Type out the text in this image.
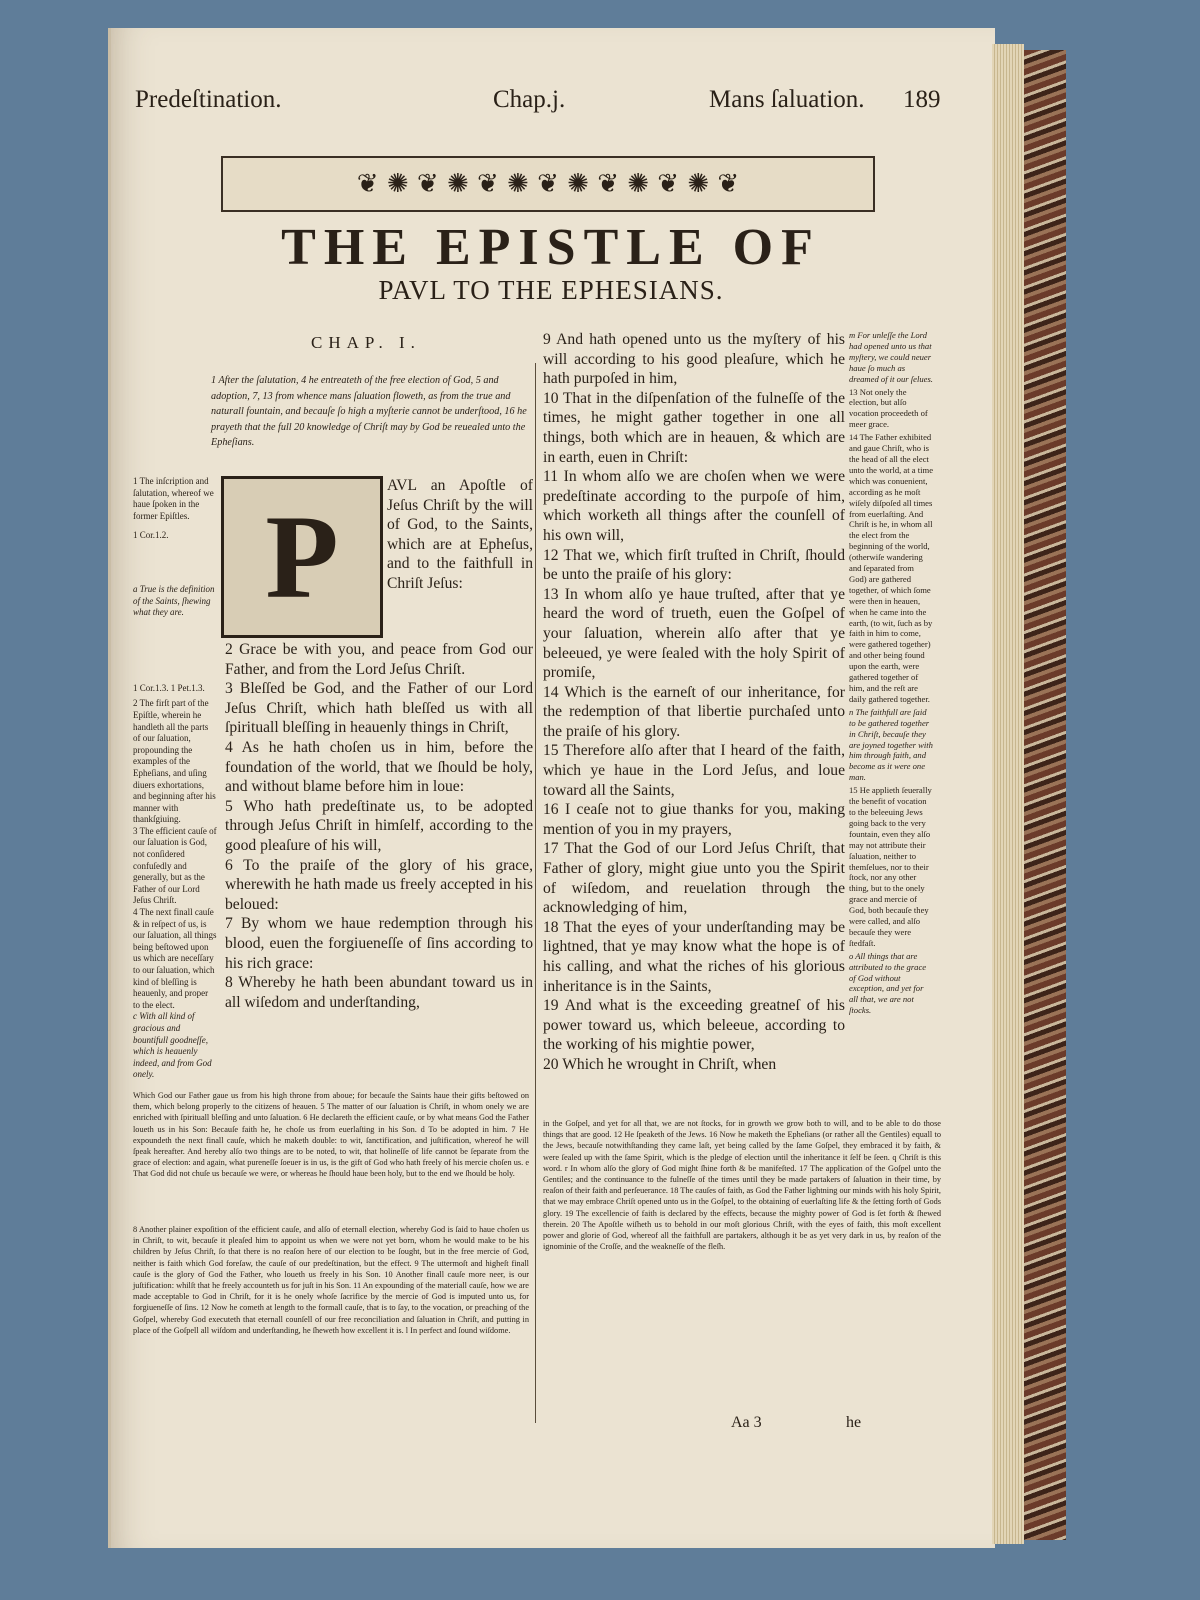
Predeſtination.	Chap.j.	Mans ſaluation. 189
❦ ✺ ❦ ✺ ❦ ✺ ❦ ✺ ❦ ✺ ❦ ✺ ❦
THE EPISTLE OF
PAVL TO THE EPHESIANS.
CHAP. I.
1 After the ſalutation, 4 he entreateth of the free election of God, 5 and adoption, 7, 13 from whence mans ſaluation floweth, as from the true and naturall fountain, and becauſe ſo high a myſterie cannot be underſtood, 16 he prayeth that the full 20 knowledge of Chriſt may by God be reuealed unto the Epheſians.
P
AVL an Apoſtle of Jeſus Chriſt by the will of God, to the Saints, which are at Epheſus, and to the faithfull in Chriſt Jeſus:

2 Grace be with you, and peace from God our Father, and from the Lord Jeſus Chriſt.

3 Bleſſed be God, and the Father of our Lord Jeſus Chriſt, which hath bleſſed us with all ſpirituall bleſſing in heauenly things in Chriſt,

4 As he hath choſen us in him, before the foundation of the world, that we ſhould be holy, and without blame before him in loue:

5 Who hath predeſtinate us, to be adopted through Jeſus Chriſt in himſelf, according to the good pleaſure of his will,

6 To the praiſe of the glory of his grace, wherewith he hath made us freely accepted in his beloued:

7 By whom we haue redemption through his blood, euen the forgiueneſſe of ſins according to his rich grace:

8 Whereby he hath been abundant toward us in all wiſedom and underſtanding,

1 The inſcription and ſalutation, whereof we haue ſpoken in the former Epiſtles.

1 Cor.1.2.

a True is the definition of the Saints, ſhewing what they are.

1 Cor.1.3. 1 Pet.1.3.

2 The firſt part of the Epiſtle, wherein he handleth all the parts of our ſaluation, propounding the examples of the Epheſians, and uſing diuers exhortations, and beginning after his manner with thankſgiuing.

3 The efficient cauſe of our ſaluation is God, not conſidered confuſedly and generally, but as the Father of our Lord Jeſus Chriſt.

4 The next finall cauſe & in reſpect of us, is our ſaluation, all things being beſtowed upon us which are neceſſary to our ſaluation, which kind of bleſſing is heauenly, and proper to the elect.

c With all kind of gracious and bountifull goodneſſe, which is heauenly indeed, and from God onely.

9 And hath opened unto us the myſtery of his will according to his good pleaſure, which he hath purpoſed in him,

10 That in the diſpenſation of the fulneſſe of the times, he might gather together in one all things, both which are in heauen, & which are in earth, euen in Chriſt:

11 In whom alſo we are choſen when we were predeſtinate according to the purpoſe of him, which worketh all things after the counſell of his own will,

12 That we, which firſt truſted in Chriſt, ſhould be unto the praiſe of his glory:

13 In whom alſo ye haue truſted, after that ye heard the word of trueth, euen the Goſpel of your ſaluation, wherein alſo after that ye beleeued, ye were ſealed with the holy Spirit of promiſe,

14 Which is the earneſt of our inheritance, for the redemption of that libertie purchaſed unto the praiſe of his glory.

15 Therefore alſo after that I heard of the faith, which ye haue in the Lord Jeſus, and loue toward all the Saints,

16 I ceaſe not to giue thanks for you, making mention of you in my prayers,

17 That the God of our Lord Jeſus Chriſt, that Father of glory, might giue unto you the Spirit of wiſedom, and reuelation through the acknowledging of him,

18 That the eyes of your underſtanding may be lightned, that ye may know what the hope is of his calling, and what the riches of his glorious inheritance is in the Saints,

19 And what is the exceeding greatneſ of his power toward us, which beleeue, according to the working of his mightie power,

20 Which he wrought in Chriſt, when

m For unleſſe the Lord had opened unto us that myſtery, we could neuer haue ſo much as dreamed of it our ſelues.

13 Not onely the election, but alſo vocation proceedeth of meer grace.

14 The Father exhibited and gaue Chriſt, who is the head of all the elect unto the world, at a time which was conuenient, according as he moſt wiſely diſpoſed all times from euerlaſting. And Chriſt is he, in whom all the elect from the beginning of the world, (otherwiſe wandering and ſeparated from God) are gathered together, of which ſome were then in heauen, when he came into the earth, (to wit, ſuch as by faith in him to come, were gathered together) and other being found upon the earth, were gathered together of him, and the reſt are daily gathered together.

n The faithfull are ſaid to be gathered together in Chriſt, becauſe they are joyned together with him through faith, and become as it were one man.

15 He applieth ſeuerally the benefit of vocation to the beleeuing Jews going back to the very fountain, even they alſo may not attribute their ſaluation, neither to themſelues, nor to their ſtock, nor any other thing, but to the onely grace and mercie of God, both becauſe they were called, and alſo becauſe they were ſtedfaſt.

o All things that are attributed to the grace of God without exception, and yet for all that, we are not ſtocks.

Which God our Father gaue us from his high throne from aboue; for becauſe the Saints haue their gifts beſtowed on them, which belong properly to the citizens of heauen. 5 The matter of our ſaluation is Chriſt, in whom onely we are enriched with ſpirituall bleſſing and unto ſaluation. 6 He declareth the efficient cauſe, or by what means God the Father loueth us in his Son: Becauſe faith he, he choſe us from euerlaſting in his Son. d To be adopted in him. 7 He expoundeth the next finall cauſe, which he maketh double: to wit, ſanctification, and juſtification, whereof he will ſpeak hereafter. And hereby alſo two things are to be noted, to wit, that holineſſe of life cannot be ſeparate from the grace of election: and again, what pureneſſe ſoeuer is in us, is the gift of God who hath freely of his mercie choſen us. e That God did not chuſe us becauſe we were, or whereas he ſhould haue been holy, but to the end we ſhould be holy.
8 Another plainer expoſition of the efficient cauſe, and alſo of eternall election, whereby God is ſaid to haue choſen us in Chriſt, to wit, becauſe it pleaſed him to appoint us when we were not yet born, whom he would make to be his children by Jeſus Chriſt, ſo that there is no reaſon here of our election to be ſought, but in the free mercie of God, neither is faith which God foreſaw, the cauſe of our predeſtination, but the effect. 9 The uttermoſt and higheſt finall cauſe is the glory of God the Father, who loueth us freely in his Son. 10 Another finall cauſe more neer, is our juſtification: whilſt that he freely accounteth us for juſt in his Son. 11 An expounding of the materiall cauſe, how we are made acceptable to God in Chriſt, for it is he onely whoſe ſacrifice by the mercie of God is imputed unto us, for forgiueneſſe of ſins. 12 Now he cometh at length to the formall cauſe, that is to ſay, to the vocation, or preaching of the Goſpel, whereby God executeth that eternall counſell of our free reconciliation and ſaluation in Chriſt, and putting in place of the Goſpell all wiſdom and underſtanding, he ſheweth how excellent it is. l In perfect and ſound wiſdome.
in the Goſpel, and yet for all that, we are not ſtocks, for in growth we grow both to will, and to be able to do those things that are good. 12 He ſpeaketh of the Jews. 16 Now he maketh the Epheſians (or rather all the Gentiles) equall to the Jews, becauſe notwithſtanding they came laſt, yet being called by the ſame Goſpel, they embraced it by faith, & were ſealed up with the ſame Spirit, which is the pledge of election until the inheritance it ſelf be ſeen. q Chriſt is this word. r In whom alſo the glory of God might ſhine forth & be manifeſted. 17 The application of the Goſpel unto the Gentiles; and the continuance to the fulneſſe of the times until they be made partakers of ſaluation in their time, by reaſon of their faith and perſeuerance. 18 The cauſes of faith, as God the Father lightning our minds with his holy Spirit, that we may embrace Chriſt opened unto us in the Goſpel, to the obtaining of euerlaſting life & the ſetting forth of Gods glory. 19 The excellencie of faith is declared by the effects, because the mighty power of God is ſet forth & ſhewed therein. 20 The Apoſtle wiſheth us to behold in our moſt glorious Chriſt, with the eyes of faith, this moſt excellent power and glorie of God, whereof all the faithfull are partakers, although it be as yet very dark in us, by reaſon of the ignominie of the Croſſe, and the weakneſſe of the fleſh.
Aa 3	he
